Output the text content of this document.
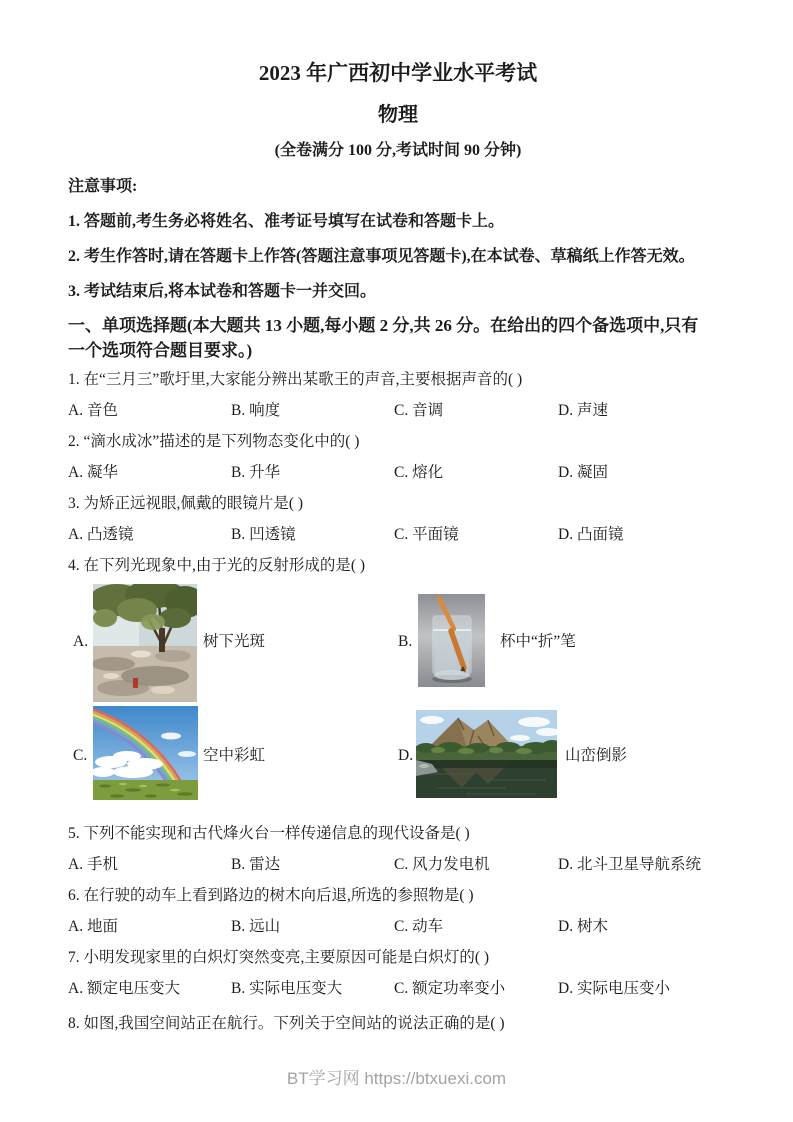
2023 年广西初中学业水平考试
物理
(全卷满分 100 分,考试时间 90 分钟)
注意事项:
1. 答题前,考生务必将姓名、准考证号填写在试卷和答题卡上。
2. 考生作答时,请在答题卡上作答(答题注意事项见答题卡),在本试卷、草稿纸上作答无效。
3. 考试结束后,将本试卷和答题卡一并交回。
一、单项选择题(本大题共 13 小题,每小题 2 分,共 26 分。在给出的四个备选项中,只有
一个选项符合题目要求。)
1. 在“三月三”歌圩里,大家能分辨出某歌王的声音,主要根据声音的( )
A. 音色	B. 响度	C. 音调	D. 声速
2. “滴水成冰”描述的是下列物态变化中的( )
A. 凝华	B. 升华	C. 熔化	D. 凝固
3. 为矫正远视眼,佩戴的眼镜片是( )
A. 凸透镜	B. 凹透镜	C. 平面镜	D. 凸面镜
4. 在下列光现象中,由于光的反射形成的是( )
A.	树下光斑	B.	杯中“折”笔
C.	空中彩虹	D.	山峦倒影
5. 下列不能实现和古代烽火台一样传递信息的现代设备是( )
A. 手机	B. 雷达	C. 风力发电机	D. 北斗卫星导航系统
6. 在行驶的动车上看到路边的树木向后退,所选的参照物是( )
A. 地面	B. 远山	C. 动车	D. 树木
7. 小明发现家里的白炽灯突然变亮,主要原因可能是白炽灯的( )
A. 额定电压变大	B. 实际电压变大	C. 额定功率变小	D. 实际电压变小
8. 如图,我国空间站正在航行。下列关于空间站的说法正确的是( )
BT学习网 https://btxuexi.com
